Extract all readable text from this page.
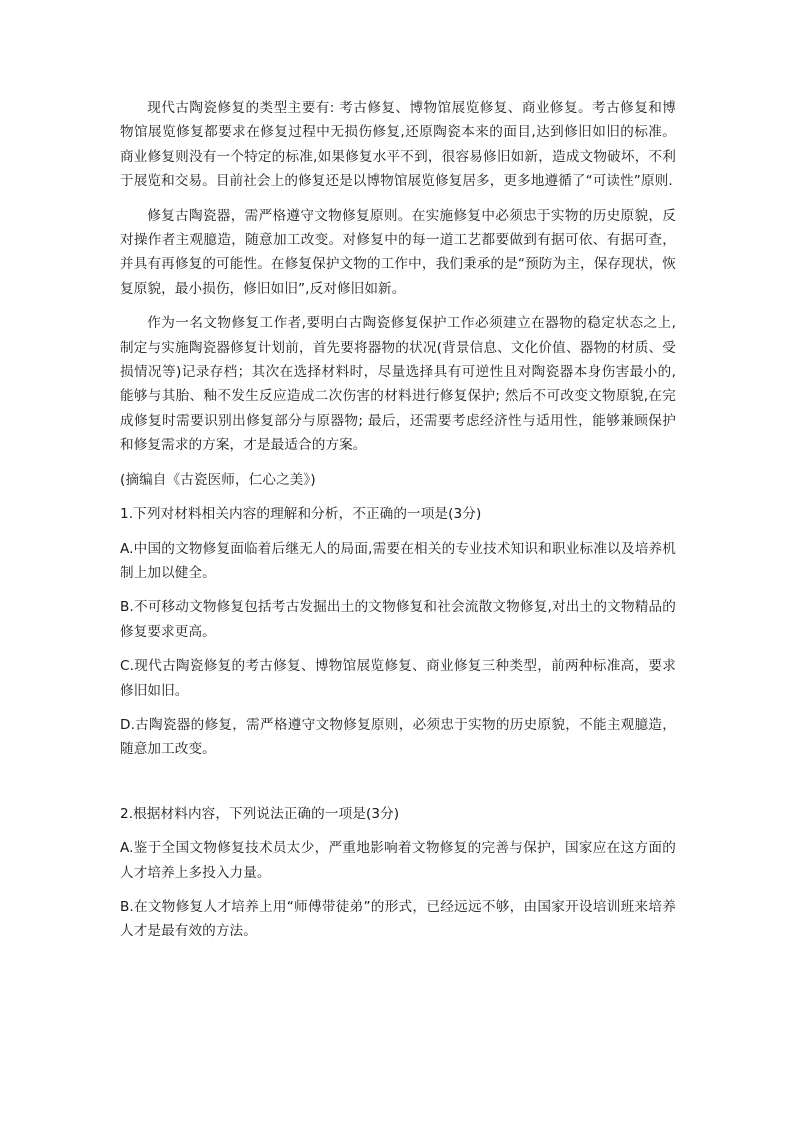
现代古陶瓷修复的类型主要有: 考古修复、博物馆展览修复、商业修复。考古修复和博物馆展览修复都要求在修复过程中无损伤修复,还原陶瓷本来的面目,达到修旧如旧的标准。商业修复则没有一个特定的标准,如果修复水平不到，很容易修旧如新，造成文物破坏，不利于展览和交易。目前社会上的修复还是以博物馆展览修复居多，更多地遵循了“可读性”原则.

修复古陶瓷器，需严格遵守文物修复原则。在实施修复中必须忠于实物的历史原貌，反对操作者主观臆造，随意加工改变。对修复中的每一道工艺都要做到有据可依、有据可查，并具有再修复的可能性。在修复保护文物的工作中，我们秉承的是“预防为主，保存现状，恢复原貌，最小损伤，修旧如旧”,反对修旧如新。

作为一名文物修复工作者,要明白古陶瓷修复保护工作必须建立在器物的稳定状态之上,制定与实施陶瓷器修复计划前，首先要将器物的状况(背景信息、文化价值、器物的材质、受损情况等)记录存档；其次在选择材料时，尽量选择具有可逆性且对陶瓷器本身伤害最小的,能够与其胎、釉不发生反应造成二次伤害的材料进行修复保护; 然后不可改变文物原貌,在完成修复时需要识别出修复部分与原器物; 最后，还需要考虑经济性与适用性，能够兼顾保护和修复需求的方案，才是最适合的方案。

(摘编自《古瓷医师，仁心之美》)

1.下列对材料相关内容的理解和分析，不正确的一项是(3分)

A.中国的文物修复面临着后继无人的局面,需要在相关的专业技术知识和职业标准以及培养机制上加以健全。

B.不可移动文物修复包括考古发掘出土的文物修复和社会流散文物修复,对出土的文物精品的修复要求更高。

C.现代古陶瓷修复的考古修复、博物馆展览修复、商业修复三种类型，前两种标准高，要求修旧如旧。

D.古陶瓷器的修复，需严格遵守文物修复原则，必须忠于实物的历史原貌，不能主观臆造，随意加工改变。

2.根据材料内容，下列说法正确的一项是(3分)

A.鉴于全国文物修复技术员太少，严重地影响着文物修复的完善与保护，国家应在这方面的人才培养上多投入力量。

B.在文物修复人才培养上用“师傅带徒弟”的形式，已经远远不够，由国家开设培训班来培养人才是最有效的方法。
